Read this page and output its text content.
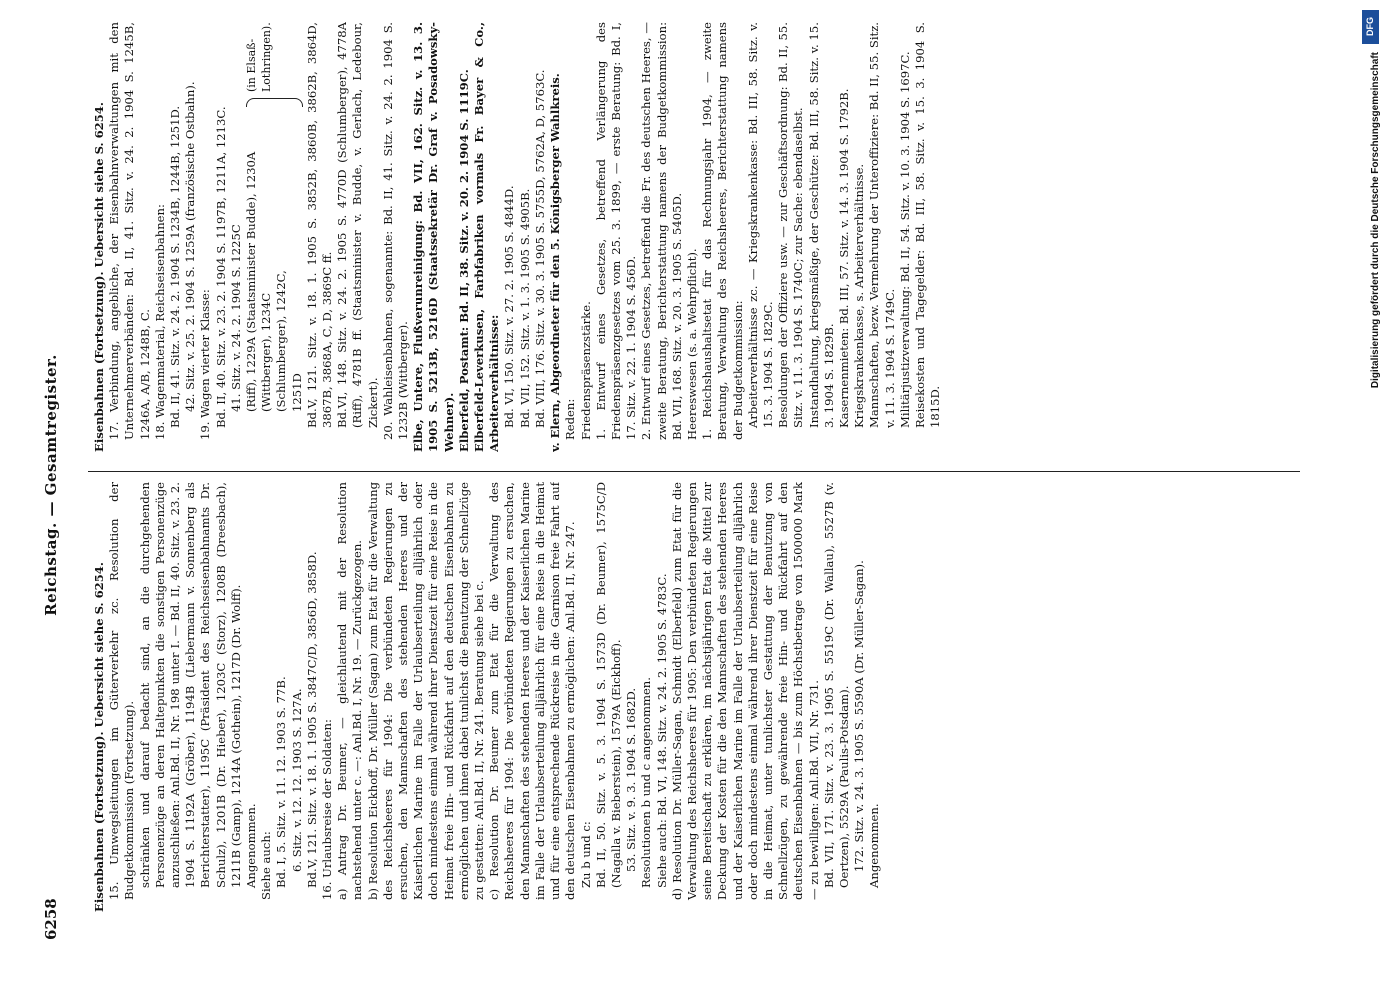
6258
Reichstag. — Gesamtregister.

Eisenbahnen (Fortsetzung). Uebersicht siehe S. 6254. 15. Umwegsleitungen im Güterverkehr zc. Resolution der Budgetkommission (Fortsetzung). schränken und darauf bedacht sind, an die durchgehenden Personenzüge an deren Haltepunkten die sonstigen Personenzüge anzuschließen: Anl.Bd. II, Nr. 198 unter I. — Bd. II, 40. Sitz. v. 23. 2. 1904 S. 1192A (Gröber), 1194B (Liebermann v. Sonnenberg als Berichterstatter), 1195C (Präsident des Reichseisenbahnamts Dr. Schulz), 1201B (Dr. Hieber), 1203C (Storz), 1208B (Dreesbach), 1211B (Gamp), 1214A (Gothein), 1217D (Dr. Wolff). Angenommen. Siehe auch: Bd. I, 5. Sitz. v. 11. 12. 1903 S. 77B. 6. Sitz. v. 12. 12. 1903 S. 127A. Bd.V, 121. Sitz. v. 18. 1. 1905 S. 3847C/D, 3856D, 3858D. 16. Urlaubsreise der Soldaten: a) Antrag Dr. Beumer, — gleichlautend mit der Resolution nachstehend unter c. —: Anl.Bd. I, Nr. 19. — Zurückgezogen. b) Resolution Eickhoff, Dr. Müller (Sagan) zum Etat für die Verwaltung des Reichsheeres für 1904: Die verbündeten Regierungen zu ersuchen, den Mannschaften des stehenden Heeres und der Kaiserlichen Marine im Falle der Urlaubserteilung alljährlich oder doch mindestens einmal während ihrer Dienstzeit für eine Reise in die Heimat freie Hin- und Rückfahrt auf den deutschen Eisenbahnen zu ermöglichen und ihnen dabei tunlichst die Benutzung der Schnellzüge zu gestatten: Anl.Bd. II, Nr. 241. Beratung siehe bei c. c) Resolution Dr. Beumer zum Etat für die Verwaltung des Reichsheeres für 1904: Die verbündeten Regierungen zu ersuchen, den Mannschaften des stehenden Heeres und der Kaiserlichen Marine im Falle der Urlaubserteilung alljährlich für eine Reise in die Heimat und für eine entsprechende Rückreise in die Garnison freie Fahrt auf den deutschen Eisenbahnen zu ermöglichen: Anl.Bd. II, Nr. 247. Zu b und c: Bd. II, 50. Sitz. v. 5. 3. 1904 S. 1573D (Dr. Beumer), 1575C/D (Nagalla v. Bieberstein), 1579A (Eickhoff). 53. Sitz. v. 9. 3. 1904 S. 1682D. Resolutionen b und c angenommen. Siehe auch: Bd. VI, 148. Sitz. v. 24. 2. 1905 S. 4783C. d) Resolution Dr. Müller-Sagan, Schmidt (Elberfeld) zum Etat für die Verwaltung des Reichsheeres für 1905: Den verbündeten Regierungen seine Bereitschaft zu erklären, im nächstjährigen Etat die Mittel zur Deckung der Kosten für die den Mannschaften des stehenden Heeres und der Kaiserlichen Marine im Falle der Urlaubserteilung alljährlich oder doch mindestens einmal während ihrer Dienstzeit für eine Reise in die Heimat, unter tunlichster Gestattung der Benutzung von Schnellzügen, zu gewährende freie Hin- und Rückfahrt auf den deutschen Eisenbahnen — bis zum Höchstbetrage von 1500000 Mark — zu bewilligen: Anl.Bd. VII, Nr. 731. Bd. VII, 171. Sitz. v. 23. 3. 1905 S. 5519C (Dr. Wallau), 5527B (v. Oertzen), 5529A (Paulis-Potsdam). 172. Sitz. v. 24. 3. 1905 S. 5590A (Dr. Müller-Sagan). Angenommen.

Eisenbahnen (Fortsetzung). Uebersicht siehe S. 6254. 17. Verbindung, angebliche, der Eisenbahnverwaltungen mit den Unternehmerverbänden: Bd. II, 41. Sitz. v. 24. 2. 1904 S. 1245B, 1246A, A/B, 1248B, C. 18. Wagenmaterial, Reichseisenbahnen: Bd. II, 41. Sitz. v. 24. 2. 1904 S. 1234B, 1244B, 1251D. 42. Sitz. v. 25. 2. 1904 S. 1259A (französische Ostbahn). 19. Wagen vierter Klasse: Bd. II, 40. Sitz. v. 23. 2. 1904 S. 1197B, 1211A, 1213C. 41. Sitz. v. 24. 2. 1904 S. 1225C (Riff), 1229A (Staatsminister Budde), 1230A (Wittberger), 1234C (Schlumberger), 1242C, 1251D

(in Elsaß-Lothringen).	Bd.V, 121. Sitz. v. 18. 1. 1905 S. 3852B, 3860B, 3862B, 3864D, 3867B, 3868A, C, D, 3869C ff. Bd.VI, 148. Sitz. v. 24. 2. 1905 S. 4770D (Schlumberger), 4778A (Riff), 4781B ff. (Staatsminister v. Budde, v. Gerlach, Ledebour, Zickert). 20. Wahleisenbahnen, sogenannte: Bd. II, 41. Sitz. v. 24. 2. 1904 S. 1232B (Wittberger). Elbe, Untere, Flußverunreinigung: Bd. VII, 162. Sitz. v. 13. 3. 1905 S. 5213B, 5216D (Staatssekretär Dr. Graf v. Posadowsky-Wehner). Elberfeld, Postamt: Bd. II, 38. Sitz. v. 20. 2. 1904 S. 1119C. Elberfeld-Leverkusen, Farbfabriken vormals Fr. Bayer & Co., Arbeiterverhältnisse: Bd. VI, 150. Sitz. v. 27. 2. 1905 S. 4844D. Bd. VII, 152. Sitz. v. 1. 3. 1905 S. 4905B. Bd. VIII, 176. Sitz. v. 30. 3. 1905 S. 5755D, 5762A, D, 5763C. v. Elern, Abgeordneter für den 5. Königsberger Wahlkreis. Reden: Friedenspräsenzstärke. 1. Entwurf eines Gesetzes, betreffend Verlängerung des Friedenspräsenzgesetzes vom 25. 3. 1899, — erste Beratung: Bd. I, 17. Sitz. v. 22. 1. 1904 S. 456D. 2. Entwurf eines Gesetzes, betreffend die Fr. des deutschen Heeres, — zweite Beratung, Berichterstattung namens der Budgetkommission: Bd. VII, 168. Sitz. v. 20. 3. 1905 S. 5405D. Heereswesen (s. a. Wehrpflicht). 1. Reichshaushaltsetat für das Rechnungsjahr 1904, — zweite Beratung, Verwaltung des Reichsheeres, Berichterstattung namens der Budgetkommission: Arbeiterverhältnisse zc. — Kriegskrankenkasse: Bd. III, 58. Sitz. v. 15. 3. 1904 S. 1829C. Besoldungen der Offiziere usw. — zur Geschäftsordnung: Bd. II, 55. Sitz. v. 11. 3. 1904 S. 1740C; zur Sache: ebendaselbst. Instandhaltung, kriegsmäßige, der Geschütze: Bd. III, 58. Sitz. v. 15. 3. 1904 S. 1829B. Kasernenmieten: Bd. III, 57. Sitz. v. 14. 3. 1904 S. 1792B. Kriegskrankenkasse, s. Arbeiterverhältnisse. Mannschaften, bezw. Vermehrung der Unteroffiziere: Bd. II, 55. Sitz. v. 11. 3. 1904 S. 1749C. Militärjustizverwaltung: Bd. II, 54. Sitz. v. 10. 3. 1904 S. 1697C. Reisekosten und Tagegelder: Bd. III, 58. Sitz. v. 15. 3. 1904 S. 1815D.

DFG
Digitalisierung gefördert durch die Deutsche Forschungsgemeinschaft
